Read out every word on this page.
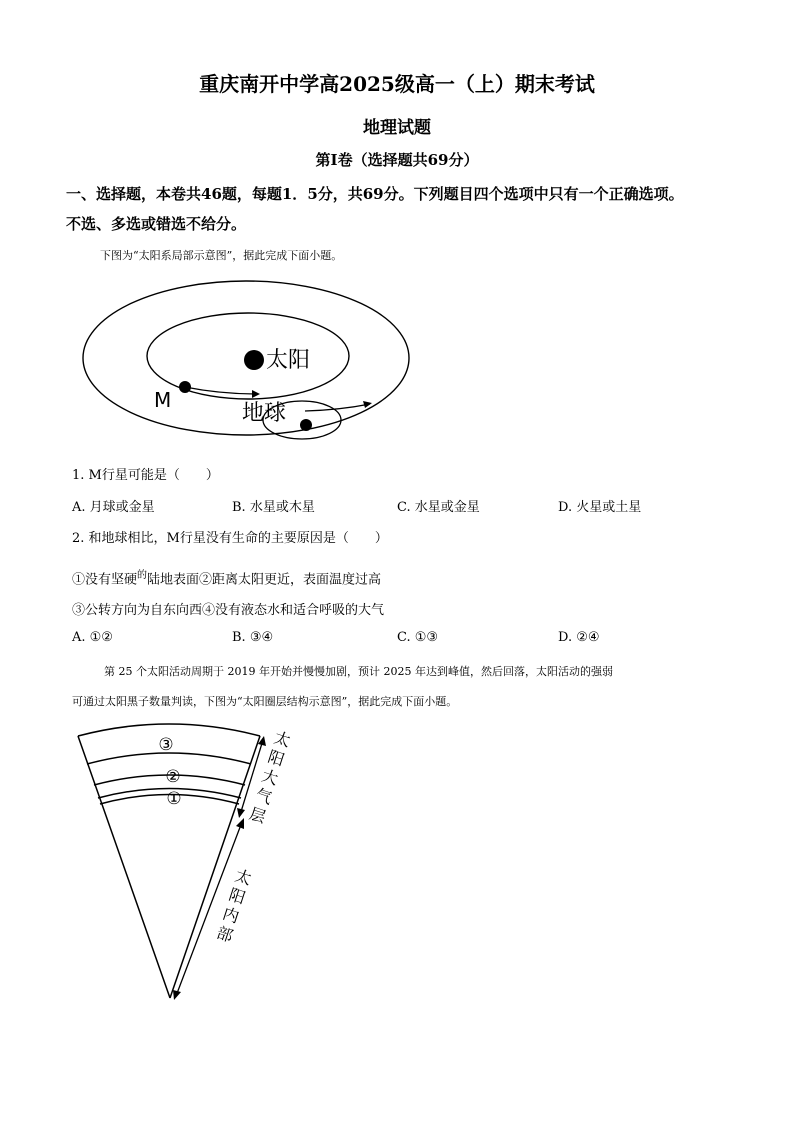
重庆南开中学高2025级高一（上）期末考试
地理试题
第Ⅰ卷（选择题共69分）
一、选择题，本卷共46题，每题1．5分，共69分。下列题目四个选项中只有一个正确选项。
不选、多选或错选不给分。
下图为“太阳系局部示意图”，据此完成下面小题。
太阳
M
地球
1. M行星可能是（　　）
A. 月球或金星	B. 水星或木星	C. 水星或金星	D. 火星或土星
2. 和地球相比，M行星没有生命的主要原因是（　　）
①没有坚硬$^的$陆地表面②距离太阳更近，表面温度过高
③公转方向为自东向西④没有液态水和适合呼吸的大气
A. ①②	B. ③④	C. ①③	D. ②④
第 25 个太阳活动周期于 2019 年开始并慢慢加剧，预计 2025 年达到峰值，然后回落，太阳活动的强弱
可通过太阳黑子数量判读，下图为“太阳圈层结构示意图”，据此完成下面小题。
③
②
①
太
阳
大
气
层
太
阳
内
部
